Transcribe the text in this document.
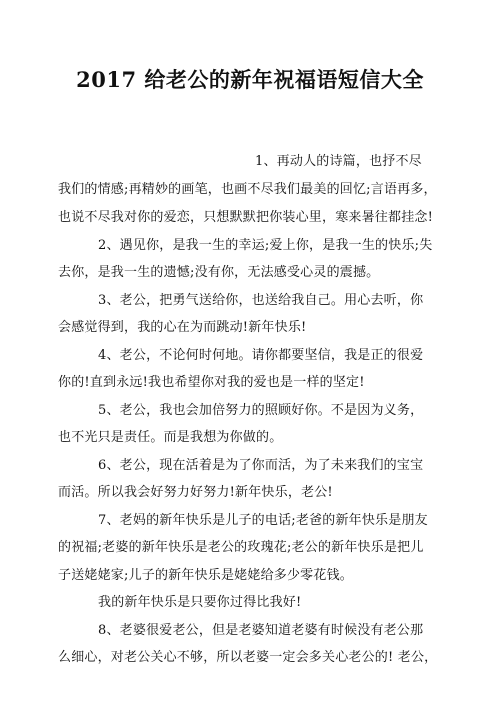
2017 给老公的新年祝福语短信大全
1、再动人的诗篇，也抒不尽
我们的情感;再精妙的画笔，也画不尽我们最美的回忆;言语再多，
也说不尽我对你的爱恋，只想默默把你装心里，寒来暑往都挂念!
2、遇见你，是我一生的幸运;爱上你，是我一生的快乐;失
去你，是我一生的遗憾;没有你，无法感受心灵的震撼。
3、老公，把勇气送给你，也送给我自己。用心去听，你
会感觉得到，我的心在为而跳动!新年快乐!
4、老公，不论何时何地。请你都要坚信，我是正的很爱
你的!直到永远!我也希望你对我的爱也是一样的坚定!
5、老公，我也会加倍努力的照顾好你。不是因为义务，
也不光只是责任。而是我想为你做的。
6、老公，现在活着是为了你而活，为了未来我们的宝宝
而活。所以我会好努力好努力!新年快乐，老公!
7、老妈的新年快乐是儿子的电话;老爸的新年快乐是朋友
的祝福;老婆的新年快乐是老公的玫瑰花;老公的新年快乐是把儿
子送姥姥家;儿子的新年快乐是姥姥给多少零花钱。
我的新年快乐是只要你过得比我好!
8、老婆很爱老公，但是老婆知道老婆有时候没有老公那
么细心，对老公关心不够，所以老婆一定会多关心老公的! 老公，
